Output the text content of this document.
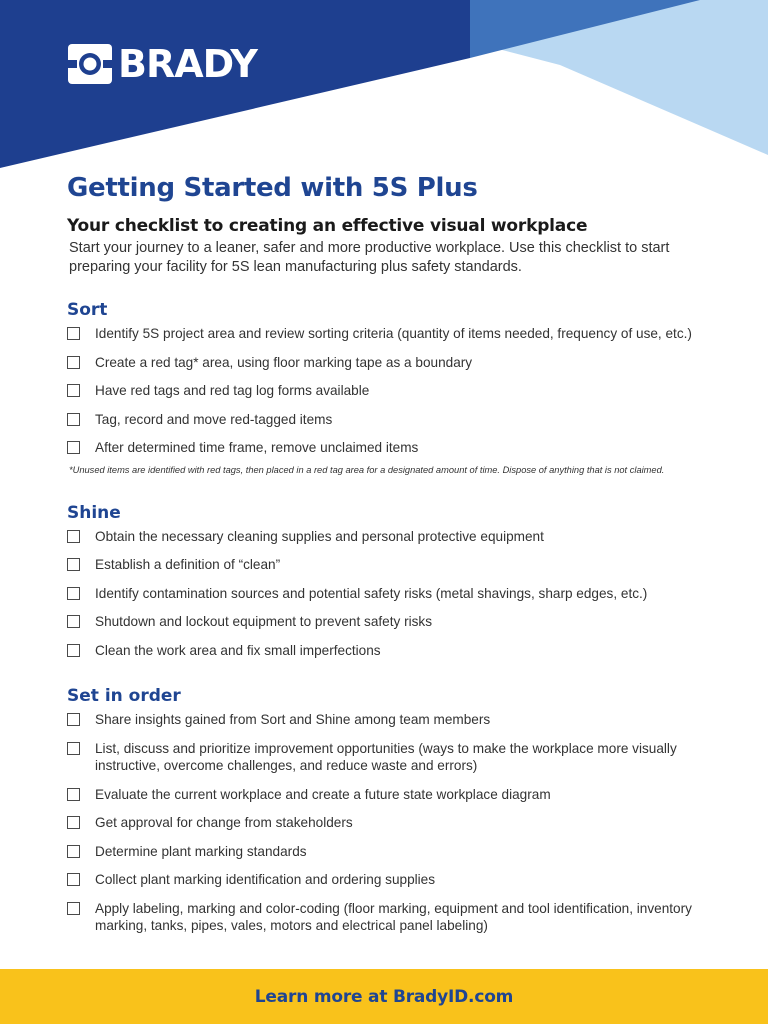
BRADY
Getting Started with 5S Plus
Your checklist to creating an effective visual workplace

Start your journey to a leaner, safer and more productive workplace. Use this checklist to start preparing your facility for 5S lean manufacturing plus safety standards.

Sort
Identify 5S project area and review sorting criteria (quantity of items needed, frequency of use, etc.)
Create a red tag* area, using floor marking tape as a boundary
Have red tags and red tag log forms available
Tag, record and move red-tagged items
After determined time frame, remove unclaimed items

*Unused items are identified with red tags, then placed in a red tag area for a designated amount of time. Dispose of anything that is not claimed.

Shine
Obtain the necessary cleaning supplies and personal protective equipment
Establish a definition of “clean”
Identify contamination sources and potential safety risks (metal shavings, sharp edges, etc.)
Shutdown and lockout equipment to prevent safety risks
Clean the work area and fix small imperfections
Set in order
Share insights gained from Sort and Shine among team members
List, discuss and prioritize improvement opportunities (ways to make the workplace more visually instructive, overcome challenges, and reduce waste and errors)
Evaluate the current workplace and create a future state workplace diagram
Get approval for change from stakeholders
Determine plant marking standards
Collect plant marking identification and ordering supplies
Apply labeling, marking and color-coding (floor marking, equipment and tool identification, inventory marking, tanks, pipes, vales, motors and electrical panel labeling)
Learn more at BradyID.com
